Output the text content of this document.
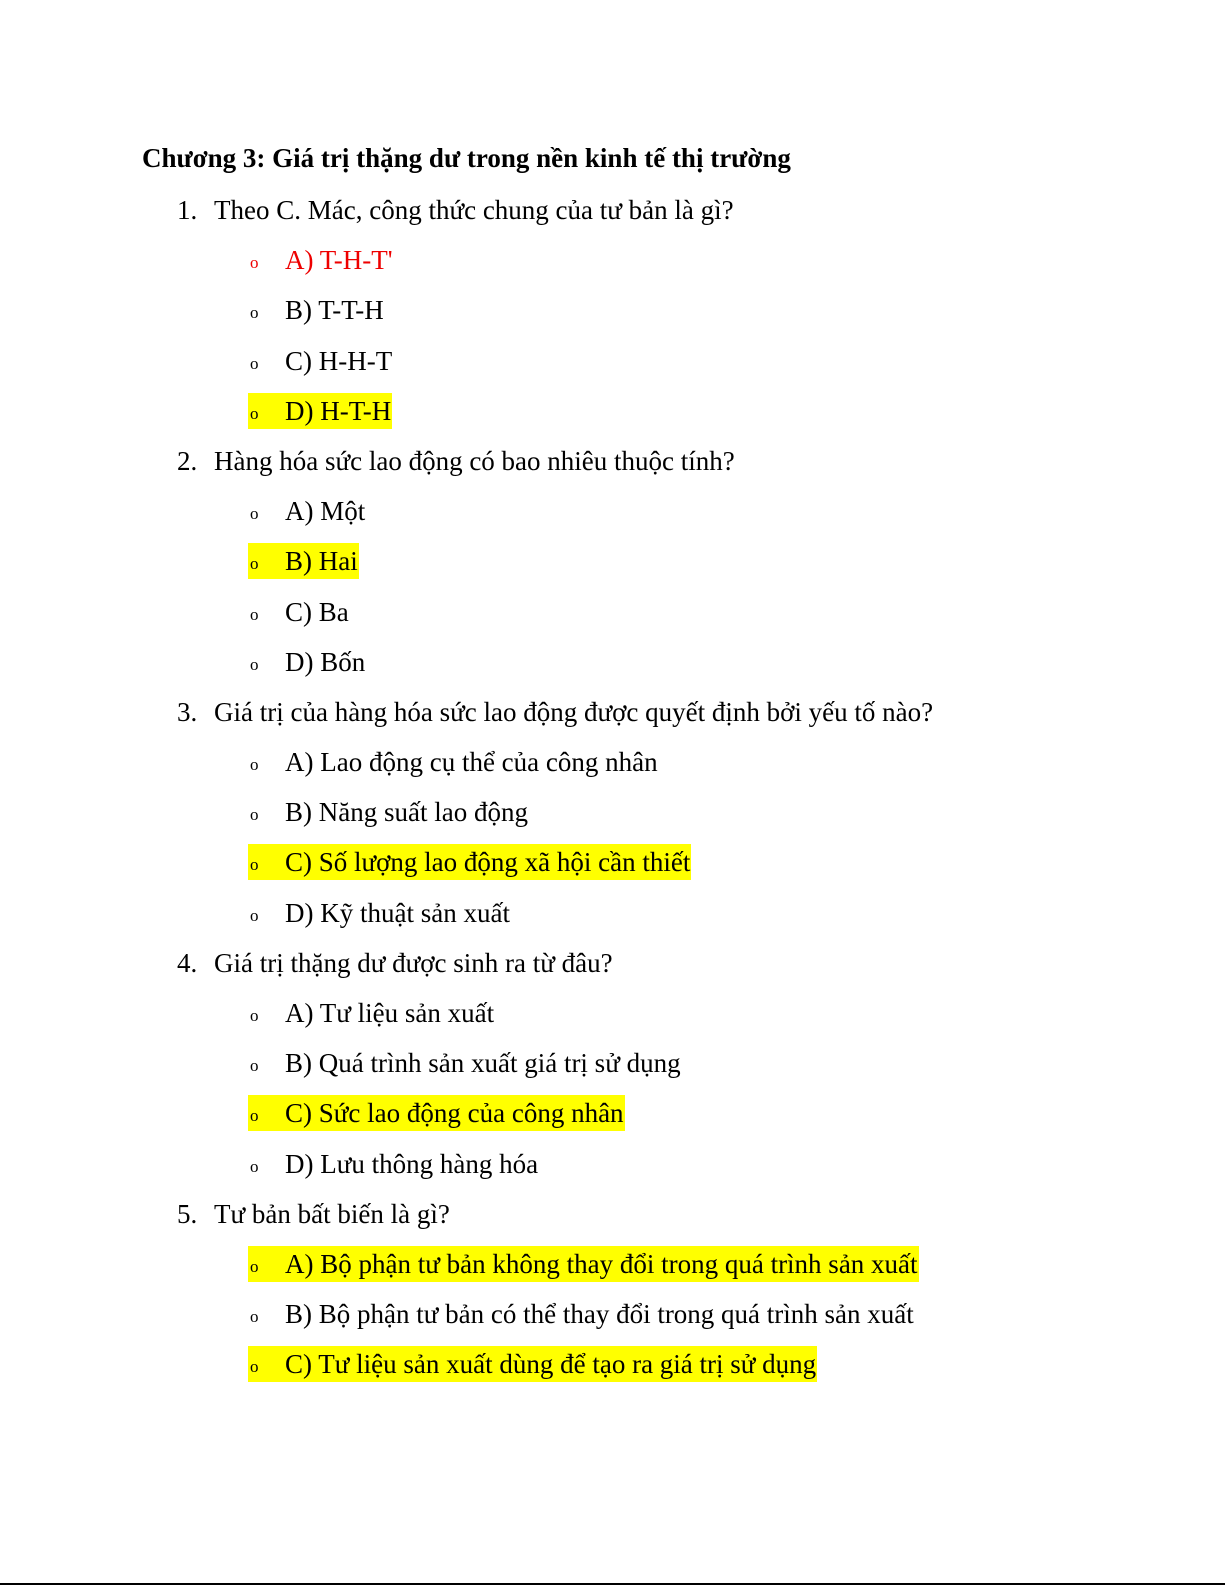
Chương 3: Giá trị thặng dư trong nền kinh tế thị trường
1. Theo C. Mác, công thức chung của tư bản là gì?
o A) T-H-T'
o B) T-T-H
o C) H-H-T
o D) H-T-H
2. Hàng hóa sức lao động có bao nhiêu thuộc tính?
o A) Một
o B) Hai
o C) Ba
o D) Bốn
3. Giá trị của hàng hóa sức lao động được quyết định bởi yếu tố nào?
o A) Lao động cụ thể của công nhân
o B) Năng suất lao động
o C) Số lượng lao động xã hội cần thiết
o D) Kỹ thuật sản xuất
4. Giá trị thặng dư được sinh ra từ đâu?
o A) Tư liệu sản xuất
o B) Quá trình sản xuất giá trị sử dụng
o C) Sức lao động của công nhân
o D) Lưu thông hàng hóa
5. Tư bản bất biến là gì?
o A) Bộ phận tư bản không thay đổi trong quá trình sản xuất
o B) Bộ phận tư bản có thể thay đổi trong quá trình sản xuất
o C) Tư liệu sản xuất dùng để tạo ra giá trị sử dụng
